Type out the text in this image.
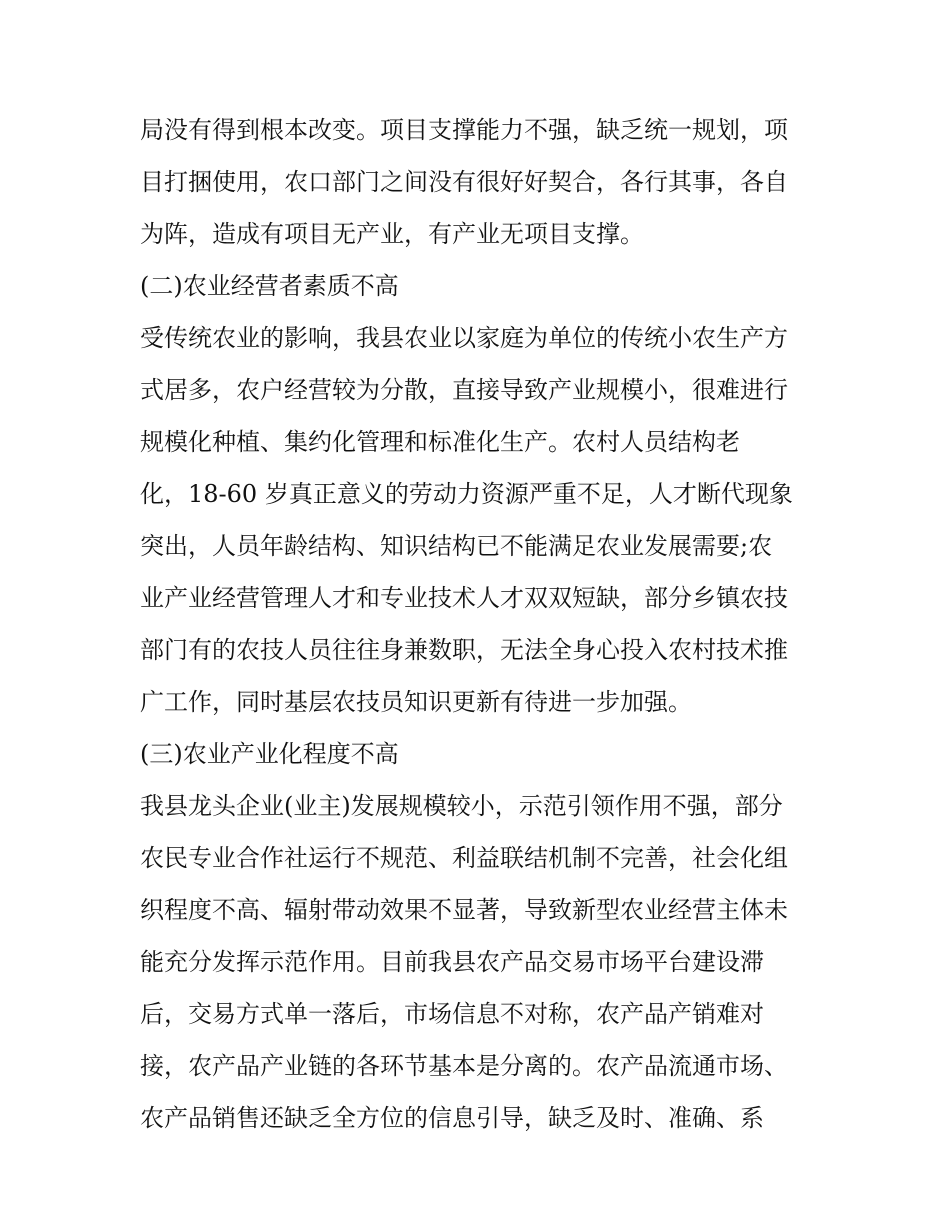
局没有得到根本改变。项目支撑能力不强，缺乏统一规划，项
目打捆使用，农口部门之间没有很好好契合，各行其事，各自
为阵，造成有项目无产业，有产业无项目支撑。
(二)农业经营者素质不高
受传统农业的影响，我县农业以家庭为单位的传统小农生产方
式居多，农户经营较为分散，直接导致产业规模小，很难进行
规模化种植、集约化管理和标准化生产。农村人员结构老
化，18-60 岁真正意义的劳动力资源严重不足，人才断代现象
突出，人员年龄结构、知识结构已不能满足农业发展需要;农
业产业经营管理人才和专业技术人才双双短缺，部分乡镇农技
部门有的农技人员往往身兼数职，无法全身心投入农村技术推
广工作，同时基层农技员知识更新有待进一步加强。
(三)农业产业化程度不高
我县龙头企业(业主)发展规模较小，示范引领作用不强，部分
农民专业合作社运行不规范、利益联结机制不完善，社会化组
织程度不高、辐射带动效果不显著，导致新型农业经营主体未
能充分发挥示范作用。目前我县农产品交易市场平台建设滞
后，交易方式单一落后，市场信息不对称，农产品产销难对
接，农产品产业链的各环节基本是分离的。农产品流通市场、
农产品销售还缺乏全方位的信息引导，缺乏及时、准确、系
